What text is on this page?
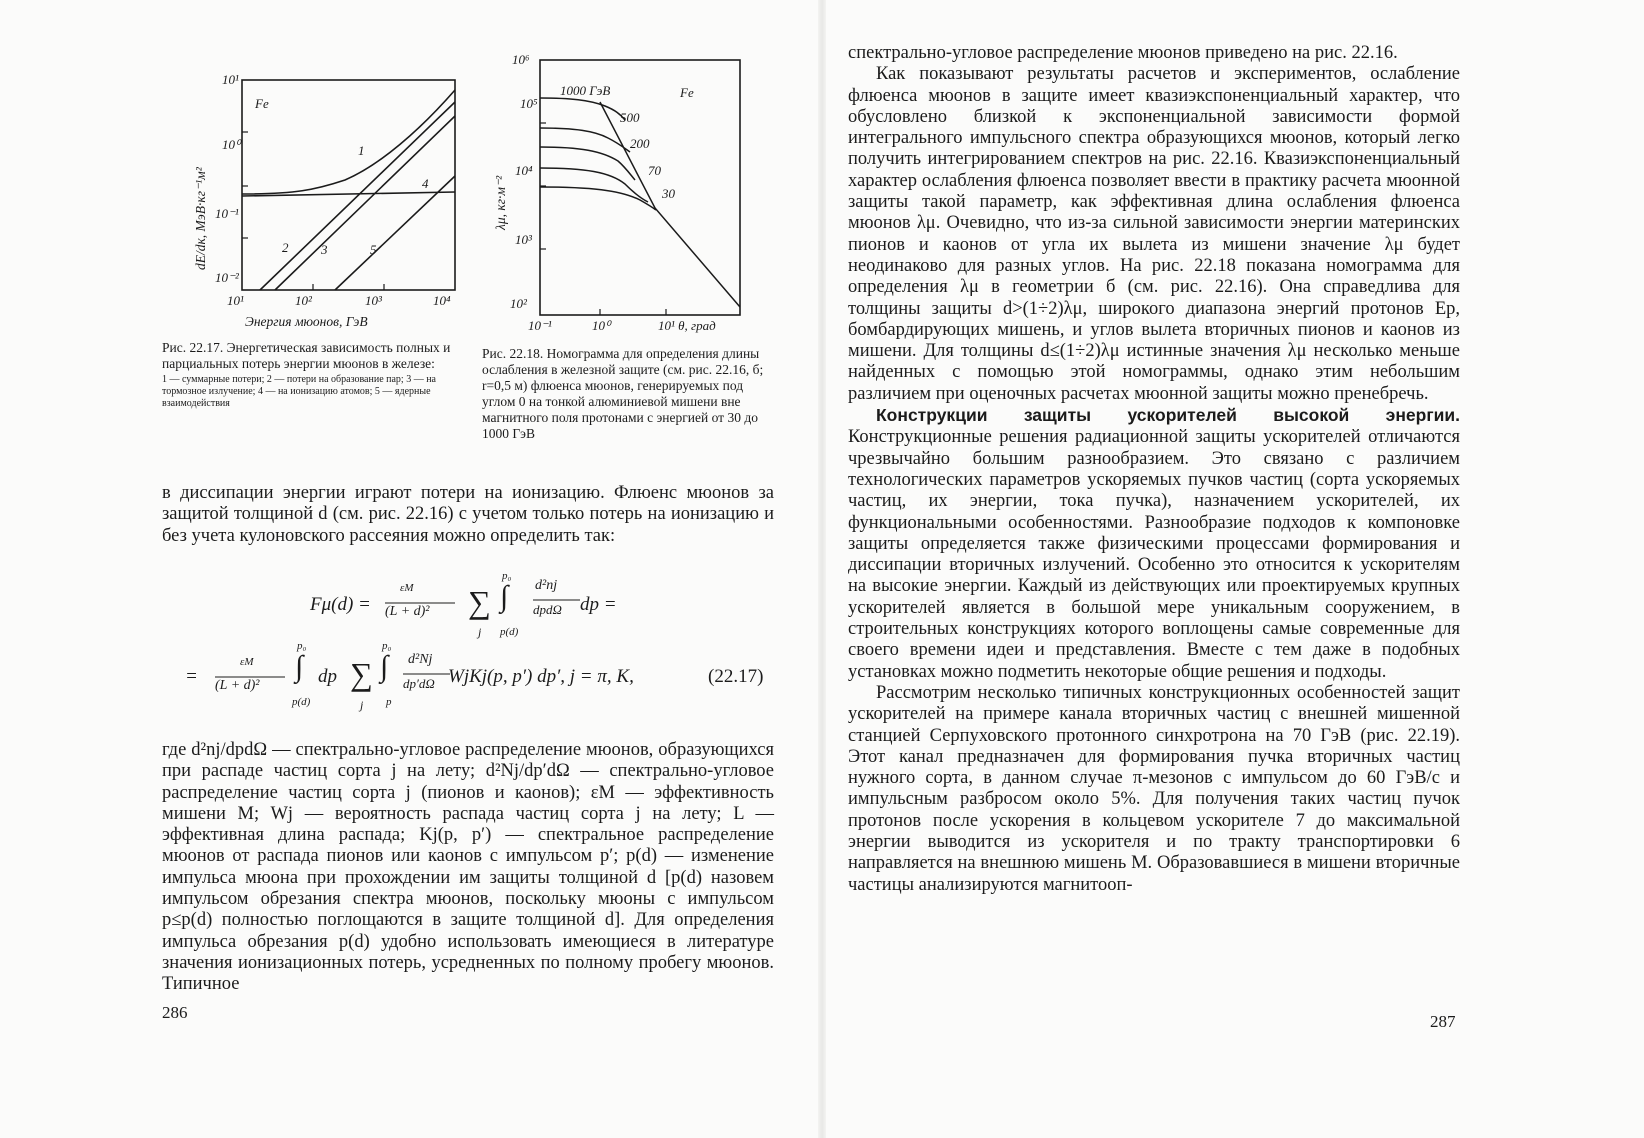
10¹
10⁰
10⁻¹
10⁻²
10¹	10²	10³	10⁴
Fe
1
2	3
4
5
Энергия мюонов, ГэВ
dE/dк, МэВ·кг⁻¹м²
10⁶
10⁵
10⁴
10³
10²
10⁻¹	10⁰	10¹ θ, град
Fe
1000 ГэВ
500
200
70
30
λμ, кг·м⁻²
Рис. 22.17. Энергетическая зависимость полных и парциальных потерь энергии мюонов в железе:
1 — суммарные потери; 2 — потери на образование пар; 3 — на тормозное излучение; 4 — на ионизацию атомов; 5 — ядерные взаимодействия
Рис. 22.18. Номограмма для определения длины ослабления в железной защите (см. рис. 22.16, б; r=0,5 м) флюенса мюонов, генерируемых под углом 0 на тонкой алюминиевой мишени вне магнитного поля протонами с энергией от 30 до 1000 ГэВ

в диссипации энергии играют потери на ионизацию. Флюенс мюонов за защитой толщиной d (см. рис. 22.16) с учетом только потерь на ионизацию и без учета кулоновского рассеяния можно определить так:

Fμ(d) =
εM
(L + d)² ∑
j
∫
p₀
p(d)
d²nj
dpdΩ dp =
=
εM
(L + d)²
∫
p₀
p(d)
dp ∑
j
∫
p₀
p
d²Nj
dp′dΩ WjKj(p, p′) dp′, j = π, K,	(22.17)

где d²nj/dpdΩ — спектрально-угловое распределение мюонов, образующихся при распаде частиц сорта j на лету; d²Nj/dp′dΩ — спектрально-угловое распределение частиц сорта j (пионов и каонов); εM — эффективность мишени M; Wj — вероятность распада частиц сорта j на лету; L — эффективная длина распада; Kj(p, p′) — спектральное распределение мюонов от распада пионов или каонов с импульсом p′; p(d) — изменение импульса мюона при прохождении им защиты толщиной d [p(d) назовем импульсом обрезания спектра мюонов, поскольку мюоны с импульсом p≤p(d) полностью поглощаются в защите толщиной d]. Для определения импульса обрезания p(d) удобно использовать имеющиеся в литературе значения ионизационных потерь, усредненных по полному пробегу мюонов. Типичное

286

спектрально-угловое распределение мюонов приведено на рис. 22.16.

Как показывают результаты расчетов и экспериментов, ослабление флюенса мюонов в защите имеет квазиэкспоненциальный характер, что обусловлено близкой к экспоненциальной зависимости формой интегрального импульсного спектра образующихся мюонов, который легко получить интегрированием спектров на рис. 22.16. Квазиэкспоненциальный характер ослабления флюенса позволяет ввести в практику расчета мюонной защиты такой параметр, как эффективная длина ослабления флюенса мюонов λμ. Очевидно, что из-за сильной зависимости энергии материнских пионов и каонов от угла их вылета из мишени значение λμ будет неодинаково для разных углов. На рис. 22.18 показана номограмма для определения λμ в геометрии б (см. рис. 22.16). Она справедлива для толщины защиты d>(1÷2)λμ, широкого диапазона энергий протонов Ep, бомбардирующих мишень, и углов вылета вторичных пионов и каонов из мишени. Для толщины d≤(1÷2)λμ истинные значения λμ несколько меньше найденных с помощью этой номограммы, однако этим небольшим различием при оценочных расчетах мюонной защиты можно пренебречь.

Конструкции защиты ускорителей высокой энергии. Конструкционные решения радиационной защиты ускорителей отличаются чрезвычайно большим разнообразием. Это связано с различием технологических параметров ускоряемых пучков частиц (сорта ускоряемых частиц, их энергии, тока пучка), назначением ускорителей, их функциональными особенностями. Разнообразие подходов к компоновке защиты определяется также физическими процессами формирования и диссипации вторичных излучений. Особенно это относится к ускорителям на высокие энергии. Каждый из действующих или проектируемых крупных ускорителей является в большой мере уникальным сооружением, в строительных конструкциях которого воплощены самые современные для своего времени идеи и представления. Вместе с тем даже в подобных установках можно подметить некоторые общие решения и подходы.

Рассмотрим несколько типичных конструкционных особенностей защит ускорителей на примере канала вторичных частиц с внешней мишенной станцией Серпуховского протонного синхротрона на 70 ГэВ (рис. 22.19). Этот канал предназначен для формирования пучка вторичных частиц нужного сорта, в данном случае π-мезонов с импульсом до 60 ГэВ/c и импульсным разбросом около 5%. Для получения таких частиц пучок протонов после ускорения в кольцевом ускорителе 7 до максимальной энергии выводится из ускорителя и по тракту транспортировки 6 направляется на внешнюю мишень M. Образовавшиеся в мишени вторичные частицы анализируются магнитооп-

287
